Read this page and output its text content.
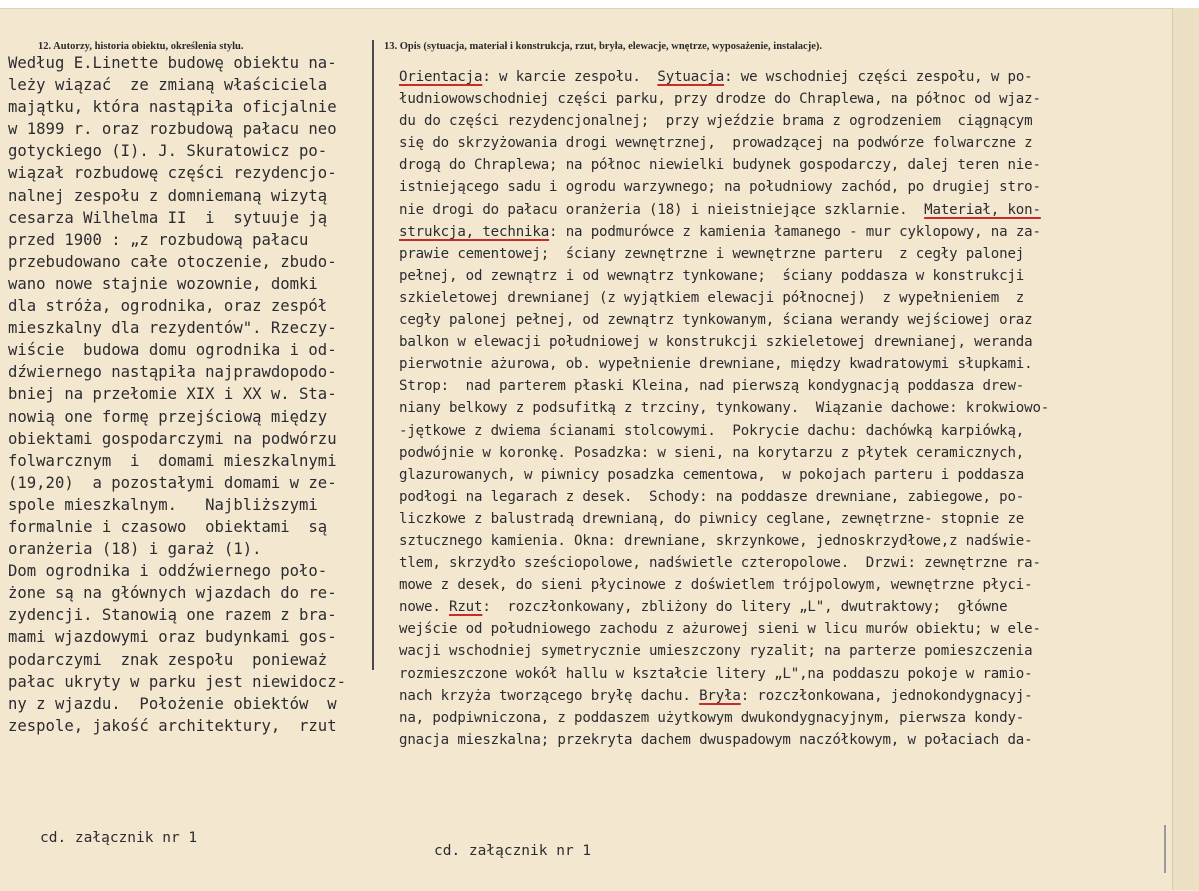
12. Autorzy, historia obiektu, określenia stylu.	13. Opis (sytuacja, materiał i konstrukcja, rzut, bryła, elewacje, wnętrze, wyposażenie, instalacje).
Według E.Linette budowę obiektu na-
leży wiązać  ze zmianą właściciela
majątku, która nastąpiła oficjalnie
w 1899 r. oraz rozbudową pałacu neo
gotyckiego (I). J. Skuratowicz po-
wiązał rozbudowę części rezydencjo-
nalnej zespołu z domniemaną wizytą
cesarza Wilhelma II  i  sytuuje ją
przed 1900 : „z rozbudową pałacu
przebudowano całe otoczenie, zbudo-
wano nowe stajnie wozownie, domki
dla stróża, ogrodnika, oraz zespół
mieszkalny dla rezydentów". Rzeczy-
wiście  budowa domu ogrodnika i od-
dźwiernego nastąpiła najprawdopodo-
bniej na przełomie XIX i XX w. Sta-
nowią one formę przejściową między
obiektami gospodarczymi na podwórzu
folwarcznym  i  domami mieszkalnymi
(19,20)  a pozostałymi domami w ze-
spole mieszkalnym.   Najbliższymi
formalnie i czasowo  obiektami  są
oranżeria (18) i garaż (1).
Dom ogrodnika i oddźwiernego poło-
żone są na głównych wjazdach do re-
zydencji. Stanowią one razem z bra-
mami wjazdowymi oraz budynkami gos-
podarczymi  znak zespołu  ponieważ
pałac ukryty w parku jest niewidocz-
ny z wjazdu.  Położenie obiektów  w
zespole, jakość architektury,  rzut
Orientacja: w karcie zespołu.  Sytuacja: we wschodniej części zespołu, w po-
łudniowowschodniej części parku, przy drodze do Chraplewa, na północ od wjaz-
du do części rezydencjonalnej;  przy wjeździe brama z ogrodzeniem  ciągnącym
się do skrzyżowania drogi wewnętrznej,  prowadzącej na podwórze folwarczne z
drogą do Chraplewa; na północ niewielki budynek gospodarczy, dalej teren nie-
istniejącego sadu i ogrodu warzywnego; na południowy zachód, po drugiej stro-
nie drogi do pałacu oranżeria (18) i nieistniejące szklarnie.  Materiał, kon-
strukcja, technika: na podmurówce z kamienia łamanego - mur cyklopowy, na za-
prawie cementowej;  ściany zewnętrzne i wewnętrzne parteru  z cegły palonej
pełnej, od zewnątrz i od wewnątrz tynkowane;  ściany poddasza w konstrukcji
szkieletowej drewnianej (z wyjątkiem elewacji północnej)  z wypełnieniem  z
cegły palonej pełnej, od zewnątrz tynkowanym, ściana werandy wejściowej oraz
balkon w elewacji południowej w konstrukcji szkieletowej drewnianej, weranda
pierwotnie ażurowa, ob. wypełnienie drewniane, między kwadratowymi słupkami.
Strop:  nad parterem płaski Kleina, nad pierwszą kondygnacją poddasza drew-
niany belkowy z podsufitką z trzciny, tynkowany.  Wiązanie dachowe: krokwiowo-
-jętkowe z dwiema ścianami stolcowymi.  Pokrycie dachu: dachówką karpiówką,
podwójnie w koronkę. Posadzka: w sieni, na korytarzu z płytek ceramicznych,
glazurowanych, w piwnicy posadzka cementowa,  w pokojach parteru i poddasza
podłogi na legarach z desek.  Schody: na poddasze drewniane, zabiegowe, po-
liczkowe z balustradą drewnianą, do piwnicy ceglane, zewnętrzne- stopnie ze
sztucznego kamienia. Okna: drewniane, skrzynkowe, jednoskrzydłowe,z nadświe-
tlem, skrzydło sześciopolowe, nadświetle czteropolowe.  Drzwi: zewnętrzne ra-
mowe z desek, do sieni płycinowe z doświetlem trójpolowym, wewnętrzne płyci-
nowe. Rzut:  rozczłonkowany, zbliżony do litery „L", dwutraktowy;  główne
wejście od południowego zachodu z ażurowej sieni w licu murów obiektu; w ele-
wacji wschodniej symetrycznie umieszczony ryzalit; na parterze pomieszczenia
rozmieszczone wokół hallu w kształcie litery „L",na poddaszu pokoje w ramio-
nach krzyża tworzącego bryłę dachu. Bryła: rozczłonkowana, jednokondygnacyj-
na, podpiwniczona, z poddaszem użytkowym dwukondygnacyjnym, pierwsza kondy-
gnacja mieszkalna; przekryta dachem dwuspadowym naczółkowym, w połaciach da-
cd. załącznik nr 1
cd. załącznik nr 1
